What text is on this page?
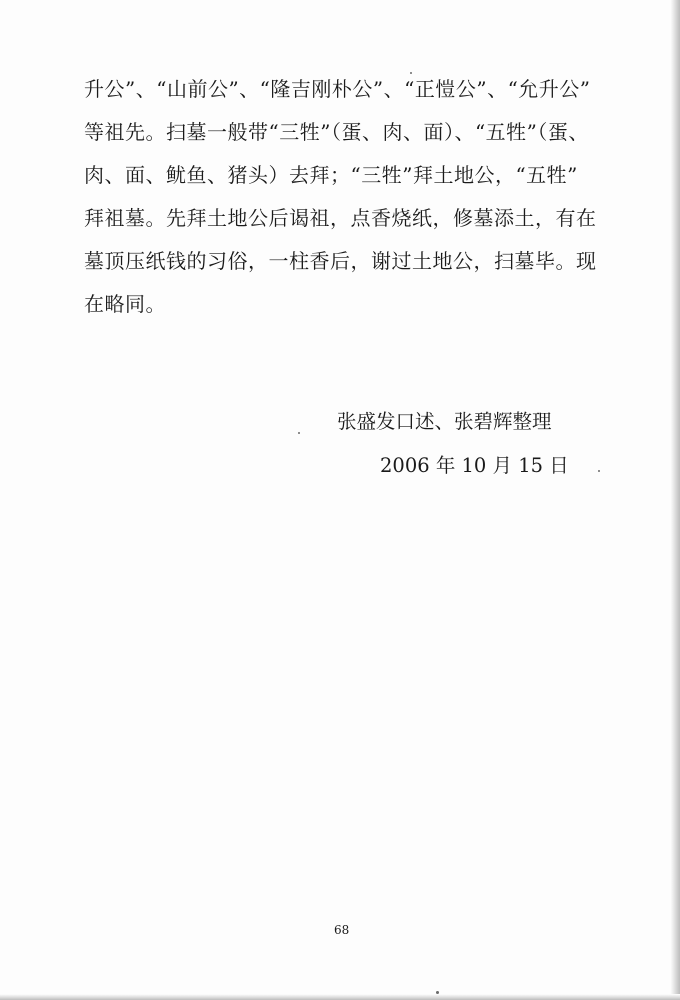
升公”、“山前公”、“隆吉刚朴公”、“正愷公”、“允升公”
等祖先。扫墓一般带“三牲”（蛋、肉、面）、“五牲”（蛋、
肉、面、鱿鱼、猪头）去拜；“三牲”拜土地公，“五牲”
拜祖墓。先拜土地公后谒祖，点香烧纸，修墓添土，有在
墓顶压纸钱的习俗，一柱香后，谢过土地公，扫墓毕。现
在略同。

张盛发口述、张碧辉整理

2006 年 10 月 15 日

68
